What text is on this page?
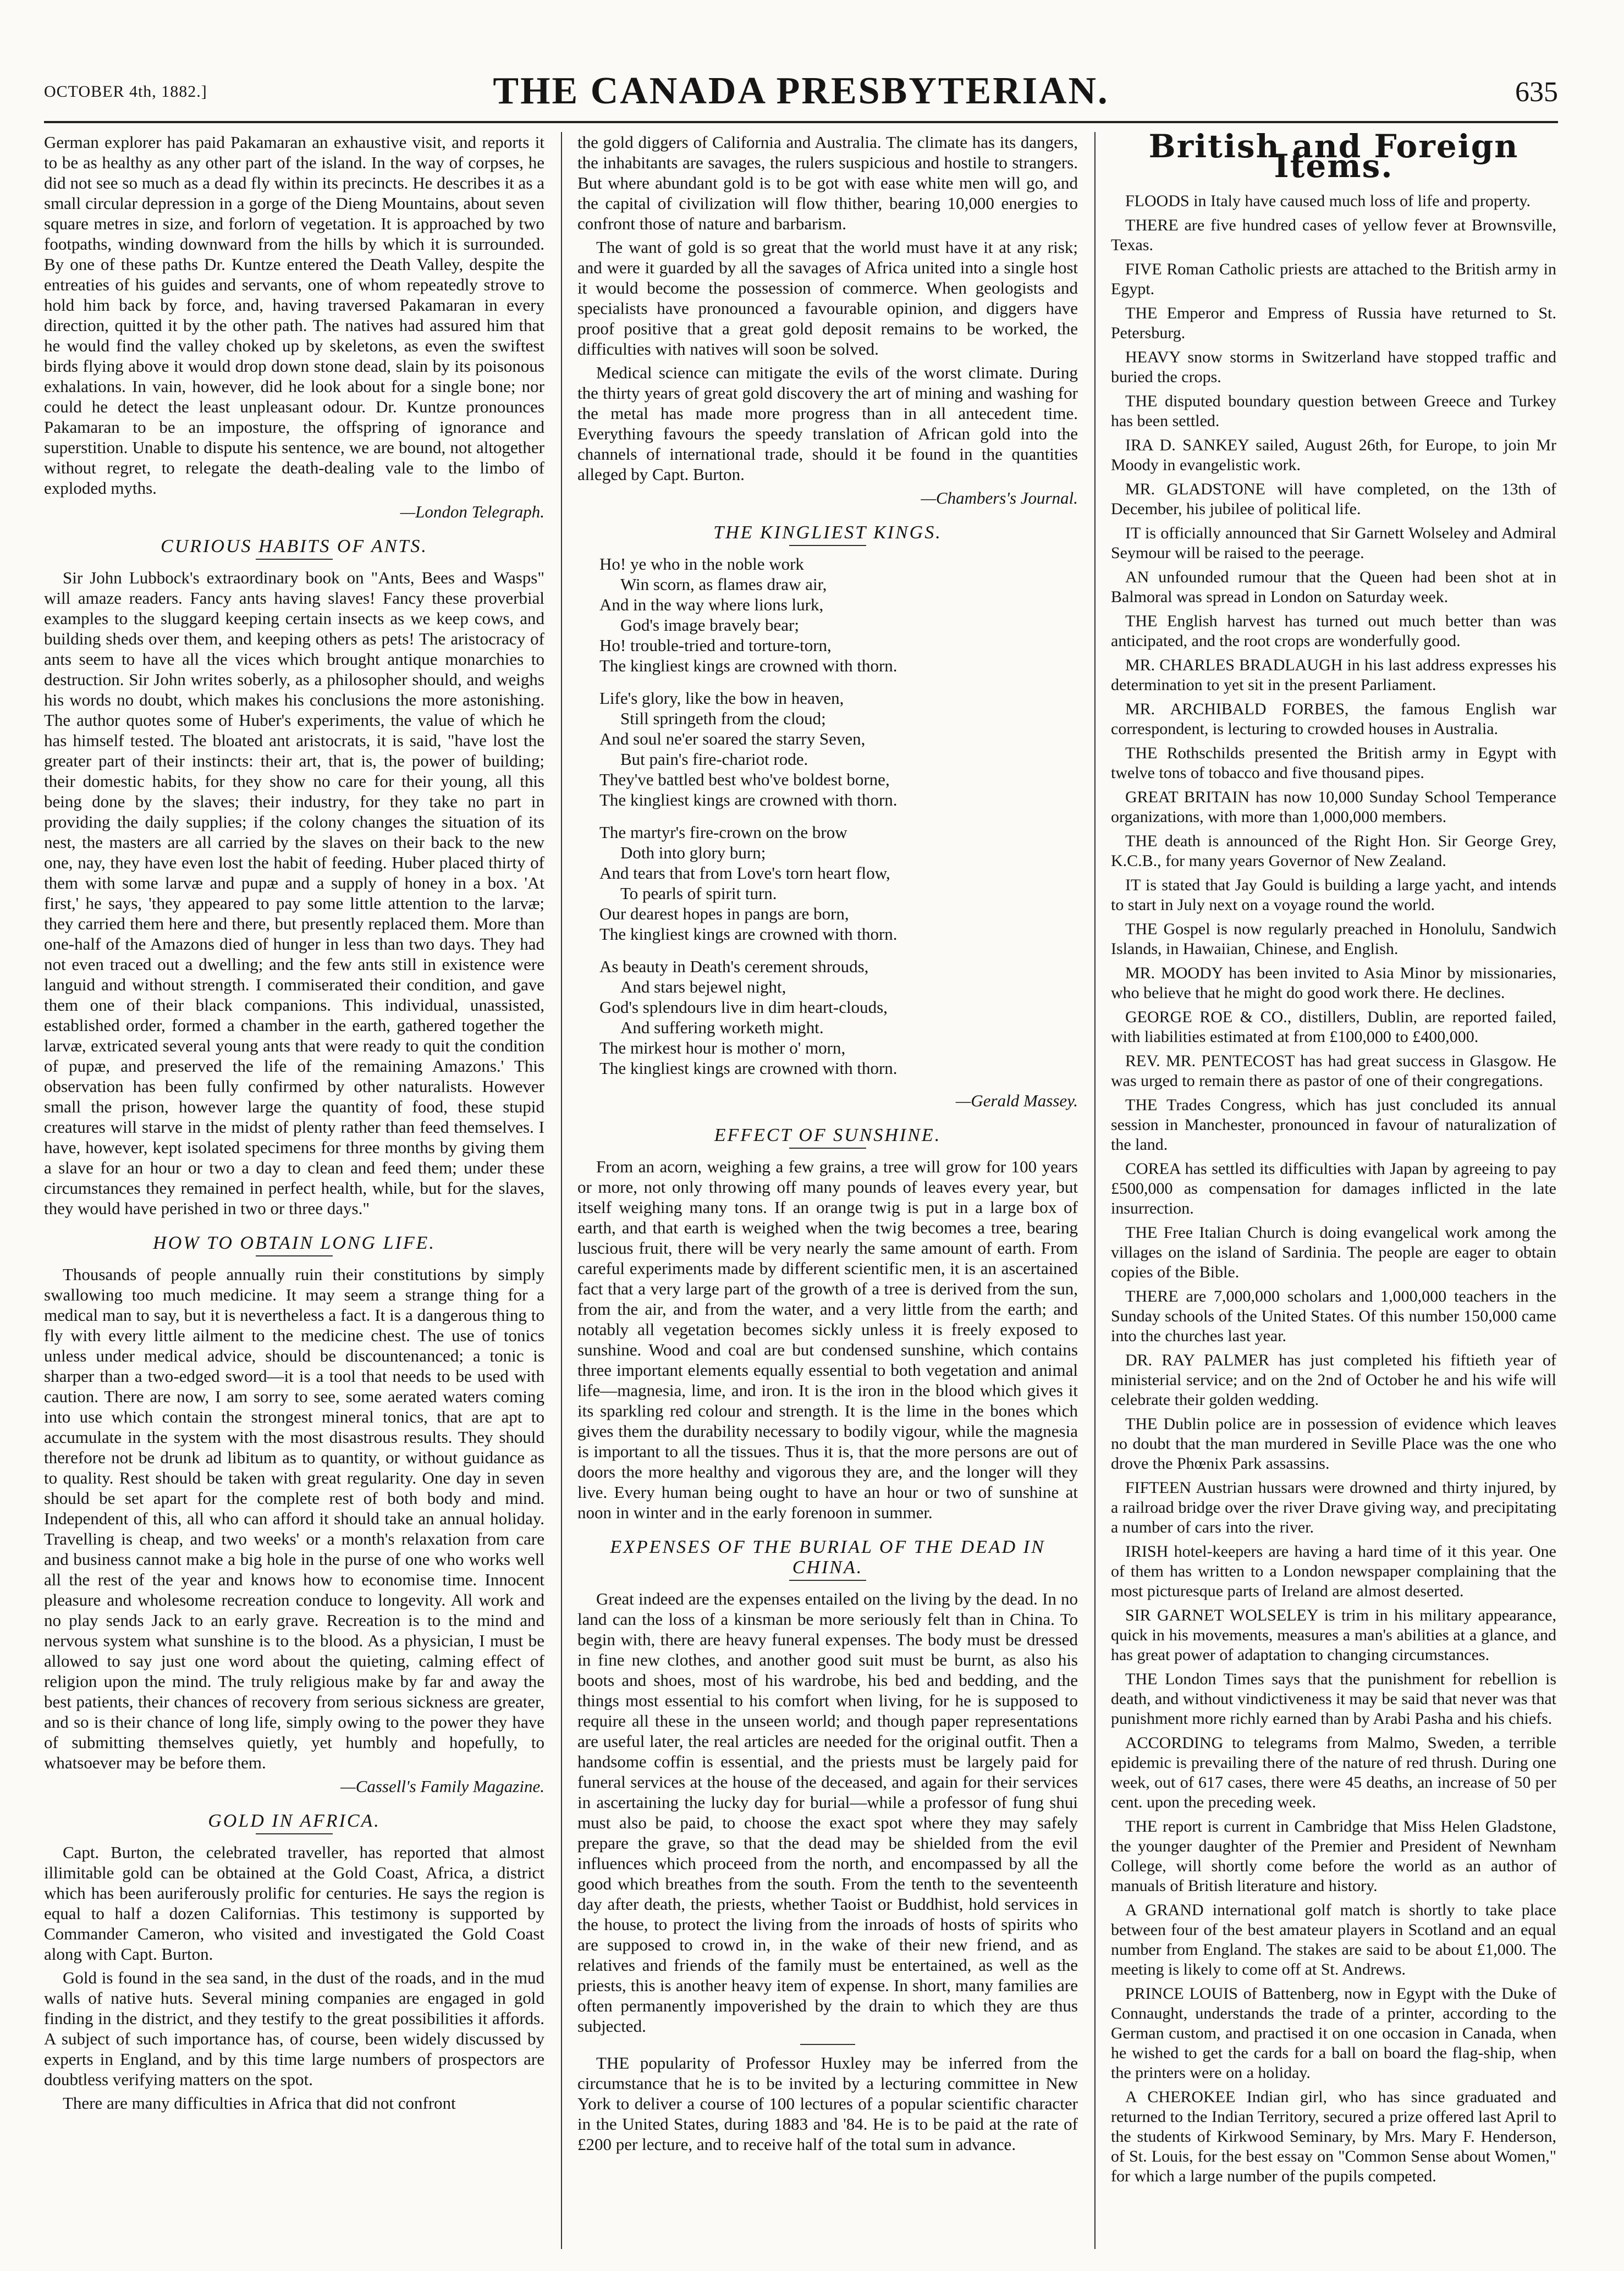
OCTOBER 4th, 1882.]	THE CANADA PRESBYTERIAN.	635

German explorer has paid Pakamaran an exhaustive visit, and reports it to be as healthy as any other part of the island. In the way of corpses, he did not see so much as a dead fly within its precincts. He describes it as a small circular depression in a gorge of the Dieng Mountains, about seven square metres in size, and forlorn of vegetation. It is approached by two footpaths, winding downward from the hills by which it is surrounded. By one of these paths Dr. Kuntze entered the Death Valley, despite the entreaties of his guides and servants, one of whom repeatedly strove to hold him back by force, and, having traversed Pakamaran in every direction, quitted it by the other path. The natives had assured him that he would find the valley choked up by skeletons, as even the swiftest birds flying above it would drop down stone dead, slain by its poisonous exhalations. In vain, however, did he look about for a single bone; nor could he detect the least unpleasant odour. Dr. Kuntze pronounces Pakamaran to be an imposture, the offspring of ignorance and superstition. Unable to dispute his sentence, we are bound, not altogether without regret, to relegate the death-dealing vale to the limbo of exploded myths.

—London Telegraph.
CURIOUS HABITS OF ANTS.

Sir John Lubbock's extraordinary book on "Ants, Bees and Wasps" will amaze readers. Fancy ants having slaves! Fancy these proverbial examples to the sluggard keeping certain insects as we keep cows, and building sheds over them, and keeping others as pets! The aristocracy of ants seem to have all the vices which brought antique monarchies to destruction. Sir John writes soberly, as a philosopher should, and weighs his words no doubt, which makes his conclusions the more astonishing. The author quotes some of Huber's experiments, the value of which he has himself tested. The bloated ant aristocrats, it is said, "have lost the greater part of their instincts: their art, that is, the power of building; their domestic habits, for they show no care for their young, all this being done by the slaves; their industry, for they take no part in providing the daily supplies; if the colony changes the situation of its nest, the masters are all carried by the slaves on their back to the new one, nay, they have even lost the habit of feeding. Huber placed thirty of them with some larvæ and pupæ and a supply of honey in a box. 'At first,' he says, 'they appeared to pay some little attention to the larvæ; they carried them here and there, but presently replaced them. More than one-half of the Amazons died of hunger in less than two days. They had not even traced out a dwelling; and the few ants still in existence were languid and without strength. I commiserated their condition, and gave them one of their black companions. This individual, unassisted, established order, formed a chamber in the earth, gathered together the larvæ, extricated several young ants that were ready to quit the condition of pupæ, and preserved the life of the remaining Amazons.' This observation has been fully confirmed by other naturalists. However small the prison, however large the quantity of food, these stupid creatures will starve in the midst of plenty rather than feed themselves. I have, however, kept isolated specimens for three months by giving them a slave for an hour or two a day to clean and feed them; under these circumstances they remained in perfect health, while, but for the slaves, they would have perished in two or three days."

HOW TO OBTAIN LONG LIFE.

Thousands of people annually ruin their constitutions by simply swallowing too much medicine. It may seem a strange thing for a medical man to say, but it is nevertheless a fact. It is a dangerous thing to fly with every little ailment to the medicine chest. The use of tonics unless under medical advice, should be discountenanced; a tonic is sharper than a two-edged sword—it is a tool that needs to be used with caution. There are now, I am sorry to see, some aerated waters coming into use which contain the strongest mineral tonics, that are apt to accumulate in the system with the most disastrous results. They should therefore not be drunk ad libitum as to quantity, or without guidance as to quality. Rest should be taken with great regularity. One day in seven should be set apart for the complete rest of both body and mind. Independent of this, all who can afford it should take an annual holiday. Travelling is cheap, and two weeks' or a month's relaxation from care and business cannot make a big hole in the purse of one who works well all the rest of the year and knows how to economise time. Innocent pleasure and wholesome recreation conduce to longevity. All work and no play sends Jack to an early grave. Recreation is to the mind and nervous system what sunshine is to the blood. As a physician, I must be allowed to say just one word about the quieting, calming effect of religion upon the mind. The truly religious make by far and away the best patients, their chances of recovery from serious sickness are greater, and so is their chance of long life, simply owing to the power they have of submitting themselves quietly, yet humbly and hopefully, to whatsoever may be before them.

—Cassell's Family Magazine.
GOLD IN AFRICA.

Capt. Burton, the celebrated traveller, has reported that almost illimitable gold can be obtained at the Gold Coast, Africa, a district which has been auriferously prolific for centuries. He says the region is equal to half a dozen Californias. This testimony is supported by Commander Cameron, who visited and investigated the Gold Coast along with Capt. Burton.

Gold is found in the sea sand, in the dust of the roads, and in the mud walls of native huts. Several mining companies are engaged in gold finding in the district, and they testify to the great possibilities it affords. A subject of such importance has, of course, been widely discussed by experts in England, and by this time large numbers of prospectors are doubtless verifying matters on the spot.

There are many difficulties in Africa that did not confront

the gold diggers of California and Australia. The climate has its dangers, the inhabitants are savages, the rulers suspicious and hostile to strangers. But where abundant gold is to be got with ease white men will go, and the capital of civilization will flow thither, bearing 10,000 energies to confront those of nature and barbarism.

The want of gold is so great that the world must have it at any risk; and were it guarded by all the savages of Africa united into a single host it would become the possession of commerce. When geologists and specialists have pronounced a favourable opinion, and diggers have proof positive that a great gold deposit remains to be worked, the difficulties with natives will soon be solved.

Medical science can mitigate the evils of the worst climate. During the thirty years of great gold discovery the art of mining and washing for the metal has made more progress than in all antecedent time. Everything favours the speedy translation of African gold into the channels of international trade, should it be found in the quantities alleged by Capt. Burton.

—Chambers's Journal.
THE KINGLIEST KINGS.
Ho! ye who in the noble work
Win scorn, as flames draw air,
And in the way where lions lurk,
God's image bravely bear;
Ho! trouble-tried and torture-torn,
The kingliest kings are crowned with thorn.
Life's glory, like the bow in heaven,
Still springeth from the cloud;
And soul ne'er soared the starry Seven,
But pain's fire-chariot rode.
They've battled best who've boldest borne,
The kingliest kings are crowned with thorn.
The martyr's fire-crown on the brow
Doth into glory burn;
And tears that from Love's torn heart flow,
To pearls of spirit turn.
Our dearest hopes in pangs are born,
The kingliest kings are crowned with thorn.
As beauty in Death's cerement shrouds,
And stars bejewel night,
God's splendours live in dim heart-clouds,
And suffering worketh might.
The mirkest hour is mother o' morn,
The kingliest kings are crowned with thorn.
—Gerald Massey.
EFFECT OF SUNSHINE.

From an acorn, weighing a few grains, a tree will grow for 100 years or more, not only throwing off many pounds of leaves every year, but itself weighing many tons. If an orange twig is put in a large box of earth, and that earth is weighed when the twig becomes a tree, bearing luscious fruit, there will be very nearly the same amount of earth. From careful experiments made by different scientific men, it is an ascertained fact that a very large part of the growth of a tree is derived from the sun, from the air, and from the water, and a very little from the earth; and notably all vegetation becomes sickly unless it is freely exposed to sunshine. Wood and coal are but condensed sunshine, which contains three important elements equally essential to both vegetation and animal life—magnesia, lime, and iron. It is the iron in the blood which gives it its sparkling red colour and strength. It is the lime in the bones which gives them the durability necessary to bodily vigour, while the magnesia is important to all the tissues. Thus it is, that the more persons are out of doors the more healthy and vigorous they are, and the longer will they live. Every human being ought to have an hour or two of sunshine at noon in winter and in the early forenoon in summer.

EXPENSES OF THE BURIAL OF THE DEAD IN CHINA.

Great indeed are the expenses entailed on the living by the dead. In no land can the loss of a kinsman be more seriously felt than in China. To begin with, there are heavy funeral expenses. The body must be dressed in fine new clothes, and another good suit must be burnt, as also his boots and shoes, most of his wardrobe, his bed and bedding, and the things most essential to his comfort when living, for he is supposed to require all these in the unseen world; and though paper representations are useful later, the real articles are needed for the original outfit. Then a handsome coffin is essential, and the priests must be largely paid for funeral services at the house of the deceased, and again for their services in ascertaining the lucky day for burial—while a professor of fung shui must also be paid, to choose the exact spot where they may safely prepare the grave, so that the dead may be shielded from the evil influences which proceed from the north, and encompassed by all the good which breathes from the south. From the tenth to the seventeenth day after death, the priests, whether Taoist or Buddhist, hold services in the house, to protect the living from the inroads of hosts of spirits who are supposed to crowd in, in the wake of their new friend, and as relatives and friends of the family must be entertained, as well as the priests, this is another heavy item of expense. In short, many families are often permanently impoverished by the drain to which they are thus subjected.

THE popularity of Professor Huxley may be inferred from the circumstance that he is to be invited by a lecturing committee in New York to deliver a course of 100 lectures of a popular scientific character in the United States, during 1883 and '84. He is to be paid at the rate of £200 per lecture, and to receive half of the total sum in advance.

British and Foreign Items.

FLOODS in Italy have caused much loss of life and property.

THERE are five hundred cases of yellow fever at Brownsville, Texas.

FIVE Roman Catholic priests are attached to the British army in Egypt.

THE Emperor and Empress of Russia have returned to St. Petersburg.

HEAVY snow storms in Switzerland have stopped traffic and buried the crops.

THE disputed boundary question between Greece and Turkey has been settled.

IRA D. SANKEY sailed, August 26th, for Europe, to join Mr Moody in evangelistic work.

MR. GLADSTONE will have completed, on the 13th of December, his jubilee of political life.

IT is officially announced that Sir Garnett Wolseley and Admiral Seymour will be raised to the peerage.

AN unfounded rumour that the Queen had been shot at in Balmoral was spread in London on Saturday week.

THE English harvest has turned out much better than was anticipated, and the root crops are wonderfully good.

MR. CHARLES BRADLAUGH in his last address expresses his determination to yet sit in the present Parliament.

MR. ARCHIBALD FORBES, the famous English war correspondent, is lecturing to crowded houses in Australia.

THE Rothschilds presented the British army in Egypt with twelve tons of tobacco and five thousand pipes.

GREAT BRITAIN has now 10,000 Sunday School Temperance organizations, with more than 1,000,000 members.

THE death is announced of the Right Hon. Sir George Grey, K.C.B., for many years Governor of New Zealand.

IT is stated that Jay Gould is building a large yacht, and intends to start in July next on a voyage round the world.

THE Gospel is now regularly preached in Honolulu, Sandwich Islands, in Hawaiian, Chinese, and English.

MR. MOODY has been invited to Asia Minor by missionaries, who believe that he might do good work there. He declines.

GEORGE ROE & CO., distillers, Dublin, are reported failed, with liabilities estimated at from £100,000 to £400,000.

REV. MR. PENTECOST has had great success in Glasgow. He was urged to remain there as pastor of one of their congregations.

THE Trades Congress, which has just concluded its annual session in Manchester, pronounced in favour of naturalization of the land.

COREA has settled its difficulties with Japan by agreeing to pay £500,000 as compensation for damages inflicted in the late insurrection.

THE Free Italian Church is doing evangelical work among the villages on the island of Sardinia. The people are eager to obtain copies of the Bible.

THERE are 7,000,000 scholars and 1,000,000 teachers in the Sunday schools of the United States. Of this number 150,000 came into the churches last year.

DR. RAY PALMER has just completed his fiftieth year of ministerial service; and on the 2nd of October he and his wife will celebrate their golden wedding.

THE Dublin police are in possession of evidence which leaves no doubt that the man murdered in Seville Place was the one who drove the Phœnix Park assassins.

FIFTEEN Austrian hussars were drowned and thirty injured, by a railroad bridge over the river Drave giving way, and precipitating a number of cars into the river.

IRISH hotel-keepers are having a hard time of it this year. One of them has written to a London newspaper complaining that the most picturesque parts of Ireland are almost deserted.

SIR GARNET WOLSELEY is trim in his military appearance, quick in his movements, measures a man's abilities at a glance, and has great power of adaptation to changing circumstances.

THE London Times says that the punishment for rebellion is death, and without vindictiveness it may be said that never was that punishment more richly earned than by Arabi Pasha and his chiefs.

ACCORDING to telegrams from Malmo, Sweden, a terrible epidemic is prevailing there of the nature of red thrush. During one week, out of 617 cases, there were 45 deaths, an increase of 50 per cent. upon the preceding week.

THE report is current in Cambridge that Miss Helen Gladstone, the younger daughter of the Premier and President of Newnham College, will shortly come before the world as an author of manuals of British literature and history.

A GRAND international golf match is shortly to take place between four of the best amateur players in Scotland and an equal number from England. The stakes are said to be about £1,000. The meeting is likely to come off at St. Andrews.

PRINCE LOUIS of Battenberg, now in Egypt with the Duke of Connaught, understands the trade of a printer, according to the German custom, and practised it on one occasion in Canada, when he wished to get the cards for a ball on board the flag-ship, when the printers were on a holiday.

A CHEROKEE Indian girl, who has since graduated and returned to the Indian Territory, secured a prize offered last April to the students of Kirkwood Seminary, by Mrs. Mary F. Henderson, of St. Louis, for the best essay on "Common Sense about Women," for which a large number of the pupils competed.
